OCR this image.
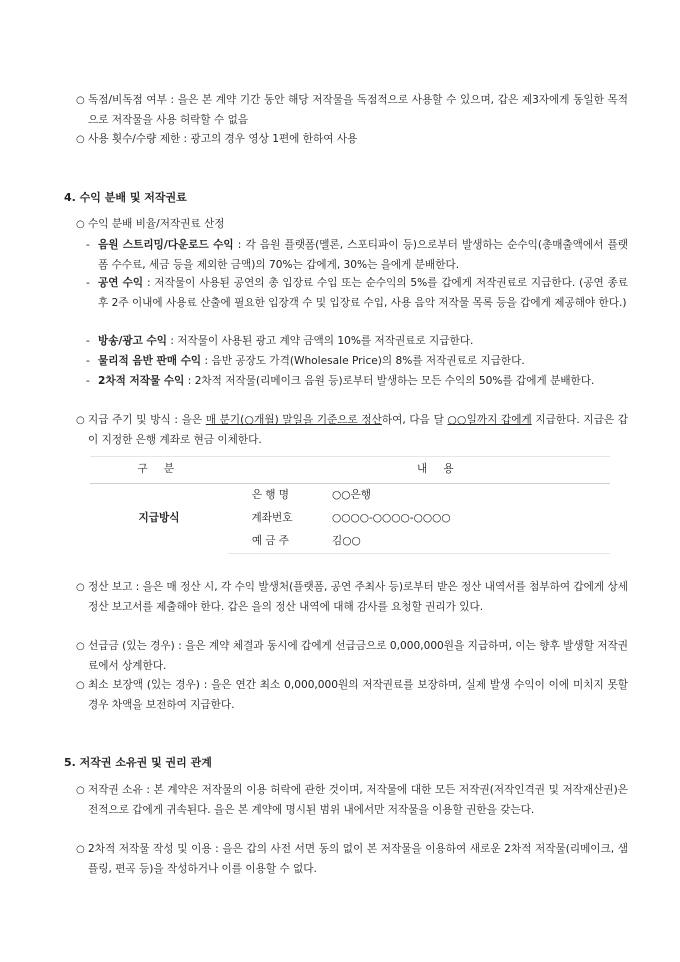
○ 독점/비독점 여부 : 을은 본 계약 기간 동안 해당 저작물을 독점적으로 사용할 수 있으며, 갑은 제3자에게 동일한 목적으로 저작물을 사용 허락할 수 없음
○ 사용 횟수/수량 제한 : 광고의 경우 영상 1편에 한하여 사용
4. 수익 분배 및 저작권료
○ 수익 분배 비율/저작권료 산정
- 음원 스트리밍/다운로드 수익 : 각 음원 플랫폼(멜론, 스포티파이 등)으로부터 발생하는 순수익(총매출액에서 플랫폼 수수료, 세금 등을 제외한 금액)의 70%는 갑에게, 30%는 을에게 분배한다.
- 공연 수익 : 저작물이 사용된 공연의 총 입장료 수입 또는 순수익의 5%를 갑에게 저작권료로 지급한다. (공연 종료 후 2주 이내에 사용료 산출에 필요한 입장객 수 및 입장료 수입, 사용 음악 저작물 목록 등을 갑에게 제공해야 한다.)
- 방송/광고 수익 : 저작물이 사용된 광고 계약 금액의 10%를 저작권료로 지급한다.
- 물리적 음반 판매 수익 : 음반 공장도 가격(Wholesale Price)의 8%를 저작권료로 지급한다.
- 2차적 저작물 수익 : 2차적 저작물(리메이크 음원 등)로부터 발생하는 모든 수익의 50%를 갑에게 분배한다.
○ 지급 주기 및 방식 : 을은 매 분기(○개월) 말일을 기준으로 정산하여, 다음 달 ○○일까지 갑에게 지급한다. 지급은 갑이 지정한 은행 계좌로 현금 이체한다.
구 분	내 용	
지급방식	은행명	○○은행
	계좌번호	○○○○-○○○○-○○○○
	예금주	김○○
○ 정산 보고 : 을은 매 정산 시, 각 수익 발생처(플랫폼, 공연 주최사 등)로부터 받은 정산 내역서를 첨부하여 갑에게 상세 정산 보고서를 제출해야 한다. 갑은 을의 정산 내역에 대해 감사를 요청할 권리가 있다.
○ 선급금 (있는 경우) : 을은 계약 체결과 동시에 갑에게 선급금으로 0,000,000원을 지급하며, 이는 향후 발생할 저작권료에서 상계한다.
○ 최소 보장액 (있는 경우) : 을은 연간 최소 0,000,000원의 저작권료를 보장하며, 실제 발생 수익이 이에 미치지 못할 경우 차액을 보전하여 지급한다.
5. 저작권 소유권 및 권리 관계
○ 저작권 소유 : 본 계약은 저작물의 이용 허락에 관한 것이며, 저작물에 대한 모든 저작권(저작인격권 및 저작재산권)은 전적으로 갑에게 귀속된다. 을은 본 계약에 명시된 범위 내에서만 저작물을 이용할 권한을 갖는다.
○ 2차적 저작물 작성 및 이용 : 을은 갑의 사전 서면 동의 없이 본 저작물을 이용하여 새로운 2차적 저작물(리메이크, 샘플링, 편곡 등)을 작성하거나 이를 이용할 수 없다.
